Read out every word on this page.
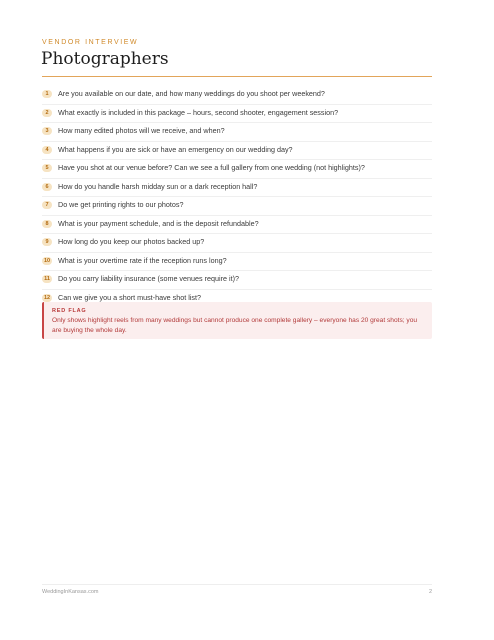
VENDOR INTERVIEW
Photographers
1	Are you available on our date, and how many weddings do you shoot per weekend?
2	What exactly is included in this package – hours, second shooter, engagement session?
3	How many edited photos will we receive, and when?
4	What happens if you are sick or have an emergency on our wedding day?
5	Have you shot at our venue before? Can we see a full gallery from one wedding (not highlights)?
6	How do you handle harsh midday sun or a dark reception hall?
7	Do we get printing rights to our photos?
8	What is your payment schedule, and is the deposit refundable?
9	How long do you keep our photos backed up?
10 What is your overtime rate if the reception runs long?
11 Do you carry liability insurance (some venues require it)?
12 Can we give you a short must-have shot list?
RED FLAG
Only shows highlight reels from many weddings but cannot produce one complete gallery – everyone has 20 great shots; you are buying the whole day.
WeddingInKansas.com	2
